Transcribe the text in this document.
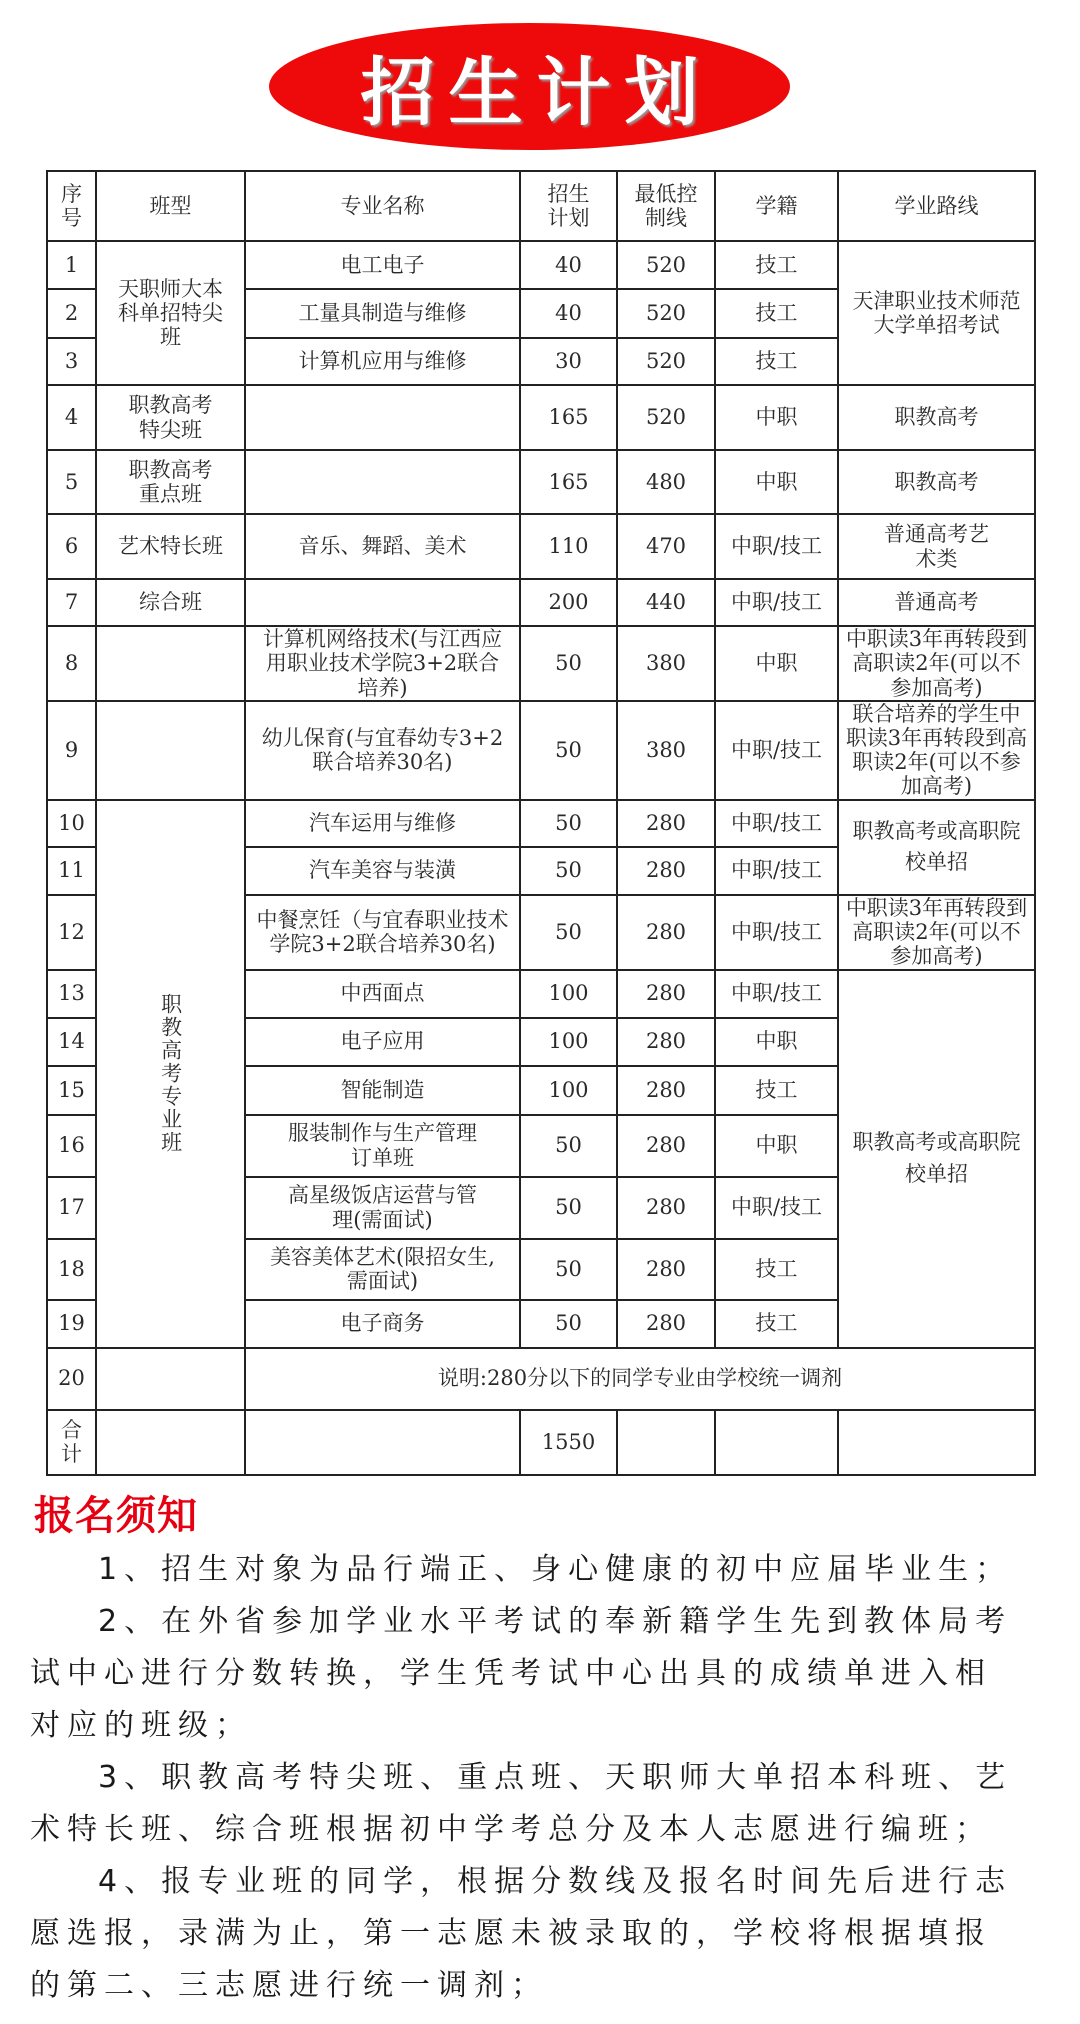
招生计划
序号	班型	专业名称	招生计划	最低控制线	学籍	学业路线
1	天职师大本科单招特尖班	电工电子	40	520	技工	天津职业技术师范大学单招考试
2		工量具制造与维修	40	520	技工	
3		计算机应用与维修	30	520	技工	
4	职教高考特尖班		165	520	中职	职教高考
5	职教高考重点班		165	480	中职	职教高考
6	艺术特长班	音乐、舞蹈、美术	110	470	中职/技工	普通高考艺术类
7	综合班		200	440	中职/技工	普通高考
8		计算机网络技术(与江西应用职业技术学院3+2联合培养)	50	380	中职	中职读3年再转段到高职读2年(可以不参加高考)
9		幼儿保育(与宜春幼专3+2联合培养30名)	50	380	中职/技工	联合培养的学生中职读3年再转段到高职读2年(可以不参加高考)
10	职教高考专业班	汽车运用与维修	50	280	中职/技工	职教高考或高职院校单招
11		汽车美容与装潢	50	280	中职/技工	
12		中餐烹饪（与宜春职业技术学院3+2联合培养30名)	50	280	中职/技工	中职读3年再转段到高职读2年(可以不参加高考)
13		中西面点	100	280	中职/技工	职教高考或高职院校单招
14		电子应用	100	280	中职	
15		智能制造	100	280	技工	
16		服装制作与生产管理订单班	50	280	中职	
17		高星级饭店运营与管理(需面试)	50	280	中职/技工	
18		美容美体艺术(限招女生,需面试)	50	280	技工	
19		电子商务	50	280	技工	
20		说明:280分以下的同学专业由学校统一调剂				
合计			1550			
报名须知

1、招生对象为品行端正、身心健康的初中应届毕业生；

2、在外省参加学业水平考试的奉新籍学生先到教体局考试中心进行分数转换，学生凭考试中心出具的成绩单进入相对应的班级；

3、职教高考特尖班、重点班、天职师大单招本科班、艺术特长班、综合班根据初中学考总分及本人志愿进行编班；

4、报专业班的同学，根据分数线及报名时间先后进行志愿选报，录满为止，第一志愿未被录取的，学校将根据填报的第二、三志愿进行统一调剂；
